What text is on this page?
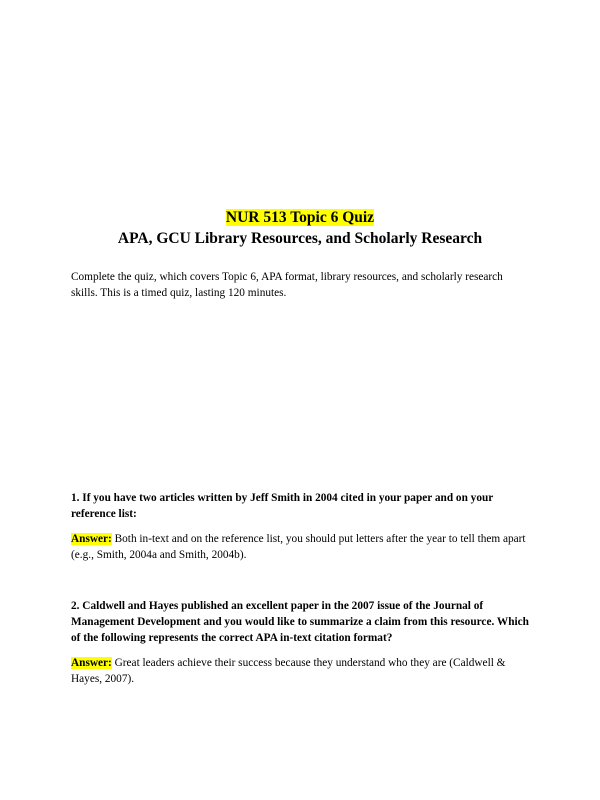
NUR 513 Topic 6 Quiz
APA, GCU Library Resources, and Scholarly Research
Complete the quiz, which covers Topic 6, APA format, library resources, and scholarly research skills. This is a timed quiz, lasting 120 minutes.

1. If you have two articles written by Jeff Smith in 2004 cited in your paper and on your reference list:

Answer: Both in-text and on the reference list, you should put letters after the year to tell them apart (e.g., Smith, 2004a and Smith, 2004b).

2. Caldwell and Hayes published an excellent paper in the 2007 issue of the Journal of Management Development and you would like to summarize a claim from this resource. Which of the following represents the correct APA in-text citation format?

Answer: Great leaders achieve their success because they understand who they are (Caldwell & Hayes, 2007).
